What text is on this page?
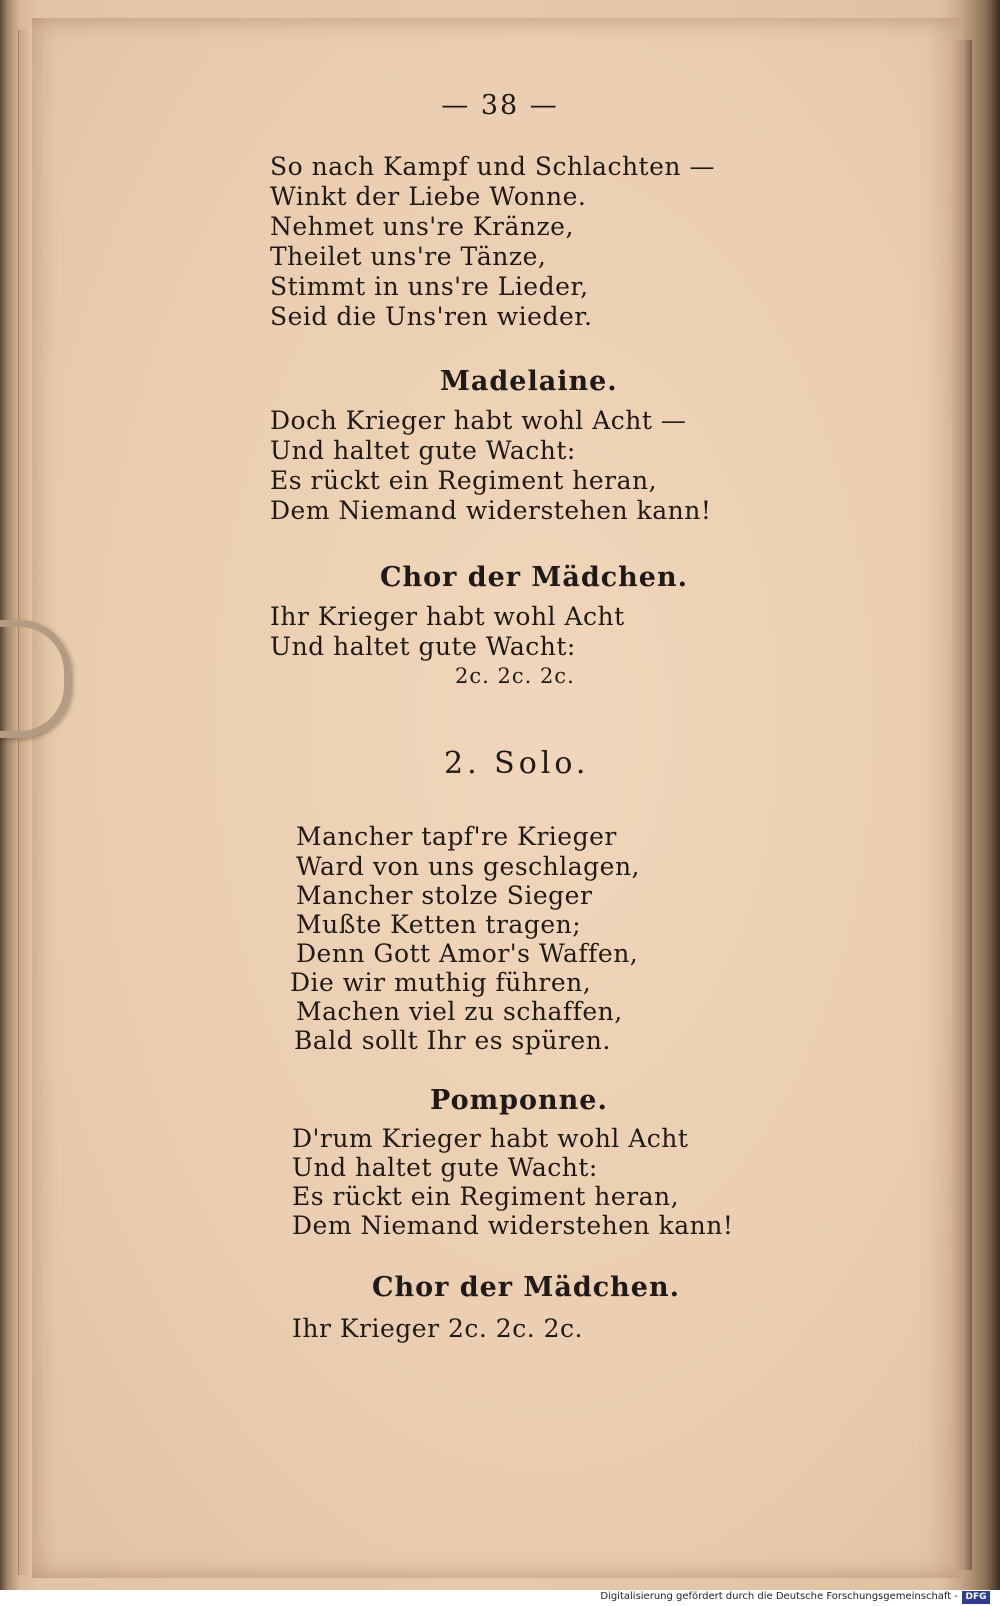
— 38 —
So nach Kampf und Schlachten —
Winkt der Liebe Wonne.
Nehmet uns're Kränze,
Theilet uns're Tänze,
Stimmt in uns're Lieder,
Seid die Uns'ren wieder.
Madelaine.
Doch Krieger habt wohl Acht —
Und haltet gute Wacht:
Es rückt ein Regiment heran,
Dem Niemand widerstehen kann!
Chor der Mädchen.
Ihr Krieger habt wohl Acht
Und haltet gute Wacht:
2c. 2c. 2c.
2. Solo.
Mancher tapf're Krieger
Ward von uns geschlagen,
Mancher stolze Sieger
Mußte Ketten tragen;
Denn Gott Amor's Waffen,
Die wir muthig führen,
Machen viel zu schaffen,
Bald sollt Ihr es spüren.
Pomponne.
D'rum Krieger habt wohl Acht
Und haltet gute Wacht:
Es rückt ein Regiment heran,
Dem Niemand widerstehen kann!
Chor der Mädchen.
Ihr Krieger 2c. 2c. 2c.
Digitalisierung gefördert durch die Deutsche Forschungsgemeinschaft - DFG
